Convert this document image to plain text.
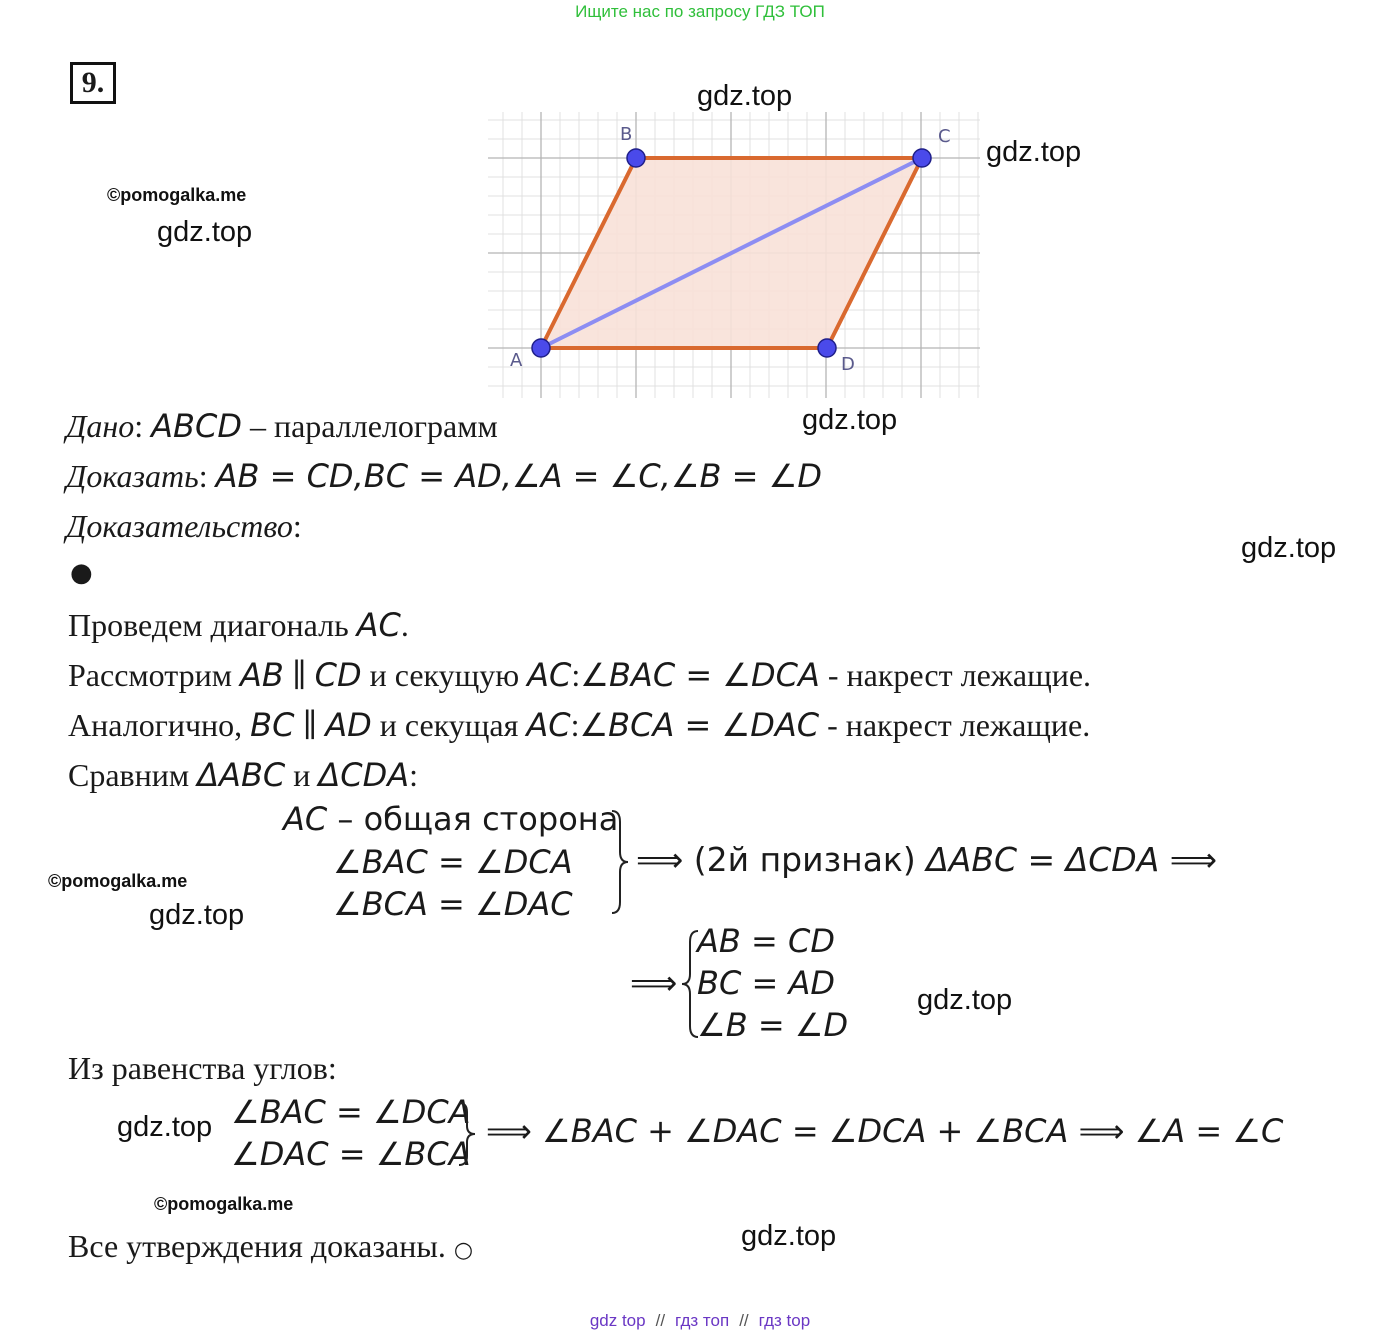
Ищите нас по запросу ГДЗ ТОП
9.	gdz.top
gdz.top
©pomogalka.me
gdz.top
gdz.top
gdz.top
©pomogalka.me
gdz.top
gdz.top
gdz.top
©pomogalka.me
gdz.top
A
B	C
D
Дано: ABCD – параллелограмм
Доказать: AB = CD,BC = AD,∠A = ∠C,∠B = ∠D
Доказательство:
●
Проведем диагональ AC.
Рассмотрим AB ∥ CD и секущую AC:∠BAC = ∠DCA - накрест лежащие.
Аналогично, BC ∥ AD и секущая AC:∠BCA = ∠DAC - накрест лежащие.
Сравним ΔABC и ΔCDA:
AC – общая сторона
∠BAC = ∠DCA
∠BCA = ∠DAC
⟹ (2й признак) ΔABC = ΔCDA ⟹
⟹
AB = CD
BC = AD
∠B = ∠D
Из равенства углов:
∠BAC = ∠DCA
∠DAC = ∠BCA
⟹ ∠BAC + ∠DAC = ∠DCA + ∠BCA ⟹ ∠A = ∠C
Все утверждения доказаны. ○
gdz top // гдз топ // гдз top
